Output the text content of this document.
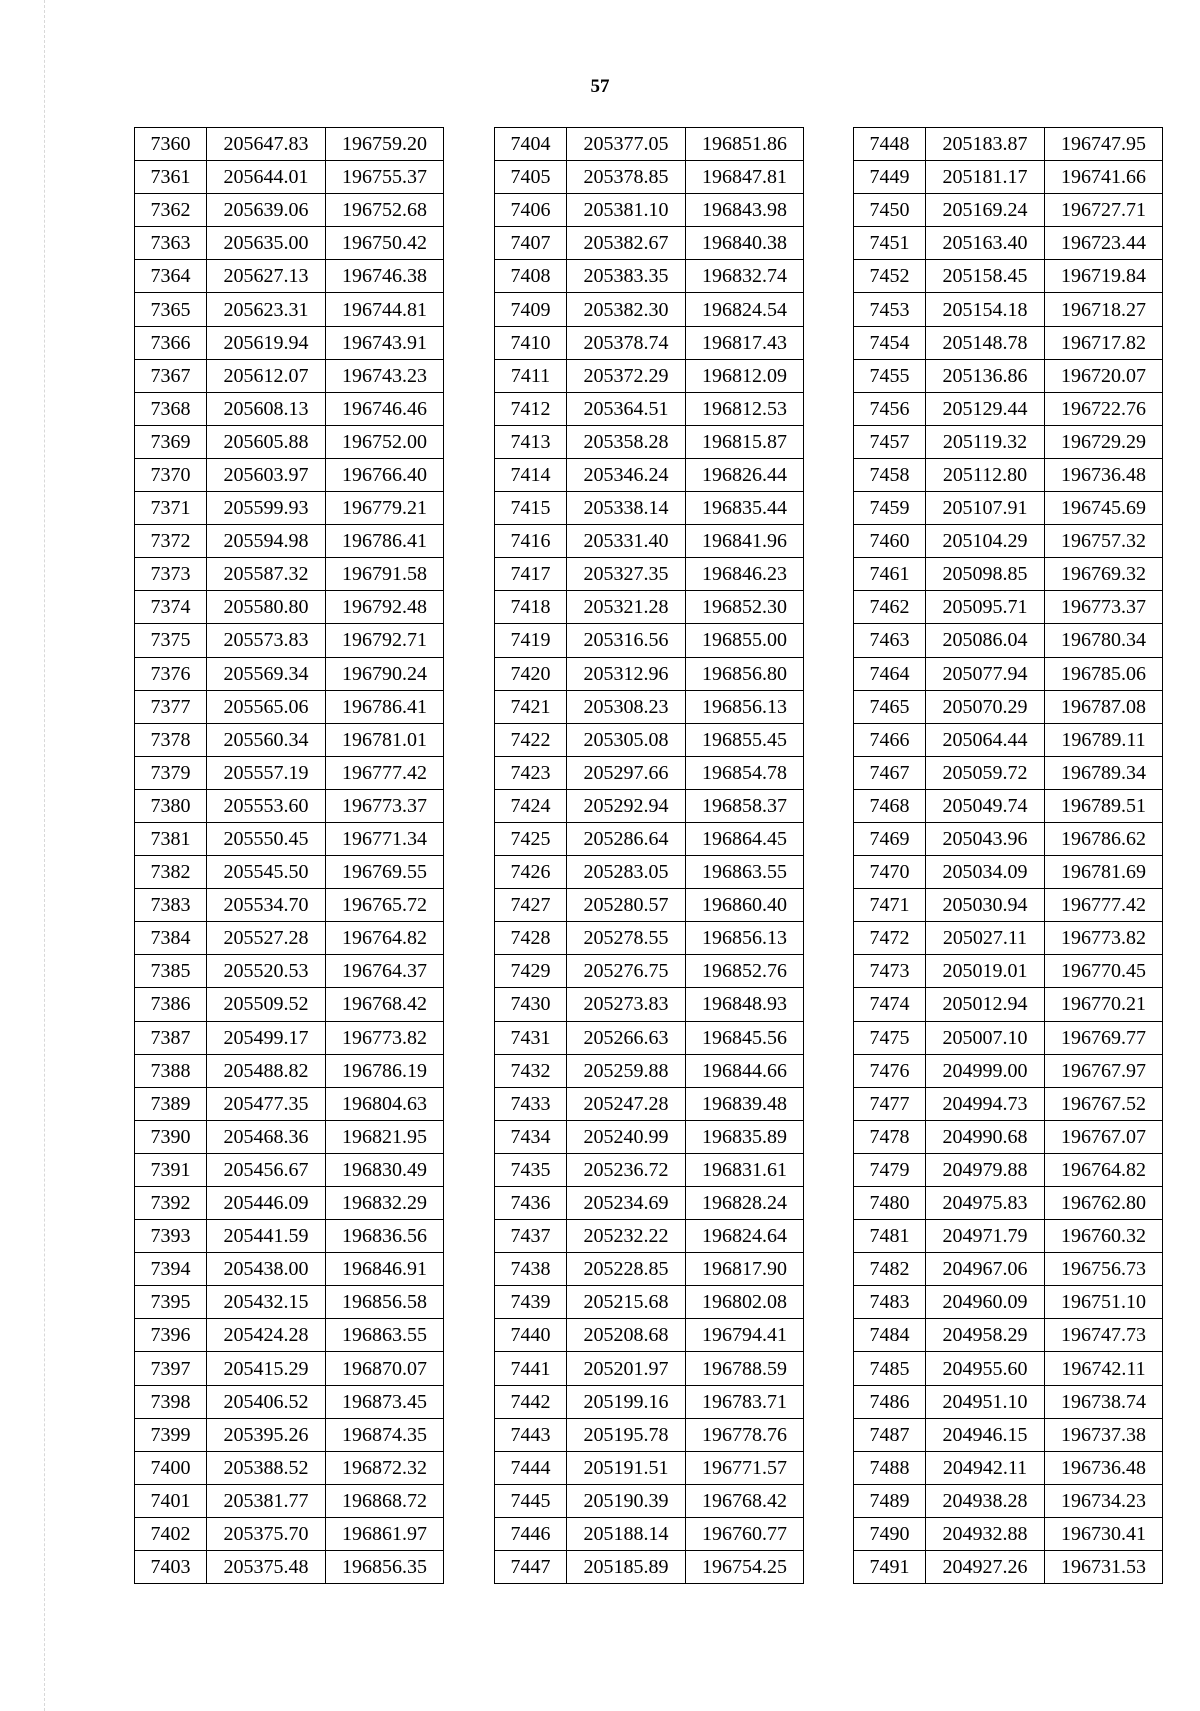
57
7360	205647.83	196759.20
7361	205644.01	196755.37
7362	205639.06	196752.68
7363	205635.00	196750.42
7364	205627.13	196746.38
7365	205623.31	196744.81
7366	205619.94	196743.91
7367	205612.07	196743.23
7368	205608.13	196746.46
7369	205605.88	196752.00
7370	205603.97	196766.40
7371	205599.93	196779.21
7372	205594.98	196786.41
7373	205587.32	196791.58
7374	205580.80	196792.48
7375	205573.83	196792.71
7376	205569.34	196790.24
7377	205565.06	196786.41
7378	205560.34	196781.01
7379	205557.19	196777.42
7380	205553.60	196773.37
7381	205550.45	196771.34
7382	205545.50	196769.55
7383	205534.70	196765.72
7384	205527.28	196764.82
7385	205520.53	196764.37
7386	205509.52	196768.42
7387	205499.17	196773.82
7388	205488.82	196786.19
7389	205477.35	196804.63
7390	205468.36	196821.95
7391	205456.67	196830.49
7392	205446.09	196832.29
7393	205441.59	196836.56
7394	205438.00	196846.91
7395	205432.15	196856.58
7396	205424.28	196863.55
7397	205415.29	196870.07
7398	205406.52	196873.45
7399	205395.26	196874.35
7400	205388.52	196872.32
7401	205381.77	196868.72
7402	205375.70	196861.97
7403	205375.48	196856.35
7404	205377.05	196851.86
7405	205378.85	196847.81
7406	205381.10	196843.98
7407	205382.67	196840.38
7408	205383.35	196832.74
7409	205382.30	196824.54
7410	205378.74	196817.43
7411	205372.29	196812.09
7412	205364.51	196812.53
7413	205358.28	196815.87
7414	205346.24	196826.44
7415	205338.14	196835.44
7416	205331.40	196841.96
7417	205327.35	196846.23
7418	205321.28	196852.30
7419	205316.56	196855.00
7420	205312.96	196856.80
7421	205308.23	196856.13
7422	205305.08	196855.45
7423	205297.66	196854.78
7424	205292.94	196858.37
7425	205286.64	196864.45
7426	205283.05	196863.55
7427	205280.57	196860.40
7428	205278.55	196856.13
7429	205276.75	196852.76
7430	205273.83	196848.93
7431	205266.63	196845.56
7432	205259.88	196844.66
7433	205247.28	196839.48
7434	205240.99	196835.89
7435	205236.72	196831.61
7436	205234.69	196828.24
7437	205232.22	196824.64
7438	205228.85	196817.90
7439	205215.68	196802.08
7440	205208.68	196794.41
7441	205201.97	196788.59
7442	205199.16	196783.71
7443	205195.78	196778.76
7444	205191.51	196771.57
7445	205190.39	196768.42
7446	205188.14	196760.77
7447	205185.89	196754.25
7448	205183.87	196747.95
7449	205181.17	196741.66
7450	205169.24	196727.71
7451	205163.40	196723.44
7452	205158.45	196719.84
7453	205154.18	196718.27
7454	205148.78	196717.82
7455	205136.86	196720.07
7456	205129.44	196722.76
7457	205119.32	196729.29
7458	205112.80	196736.48
7459	205107.91	196745.69
7460	205104.29	196757.32
7461	205098.85	196769.32
7462	205095.71	196773.37
7463	205086.04	196780.34
7464	205077.94	196785.06
7465	205070.29	196787.08
7466	205064.44	196789.11
7467	205059.72	196789.34
7468	205049.74	196789.51
7469	205043.96	196786.62
7470	205034.09	196781.69
7471	205030.94	196777.42
7472	205027.11	196773.82
7473	205019.01	196770.45
7474	205012.94	196770.21
7475	205007.10	196769.77
7476	204999.00	196767.97
7477	204994.73	196767.52
7478	204990.68	196767.07
7479	204979.88	196764.82
7480	204975.83	196762.80
7481	204971.79	196760.32
7482	204967.06	196756.73
7483	204960.09	196751.10
7484	204958.29	196747.73
7485	204955.60	196742.11
7486	204951.10	196738.74
7487	204946.15	196737.38
7488	204942.11	196736.48
7489	204938.28	196734.23
7490	204932.88	196730.41
7491	204927.26	196731.53
